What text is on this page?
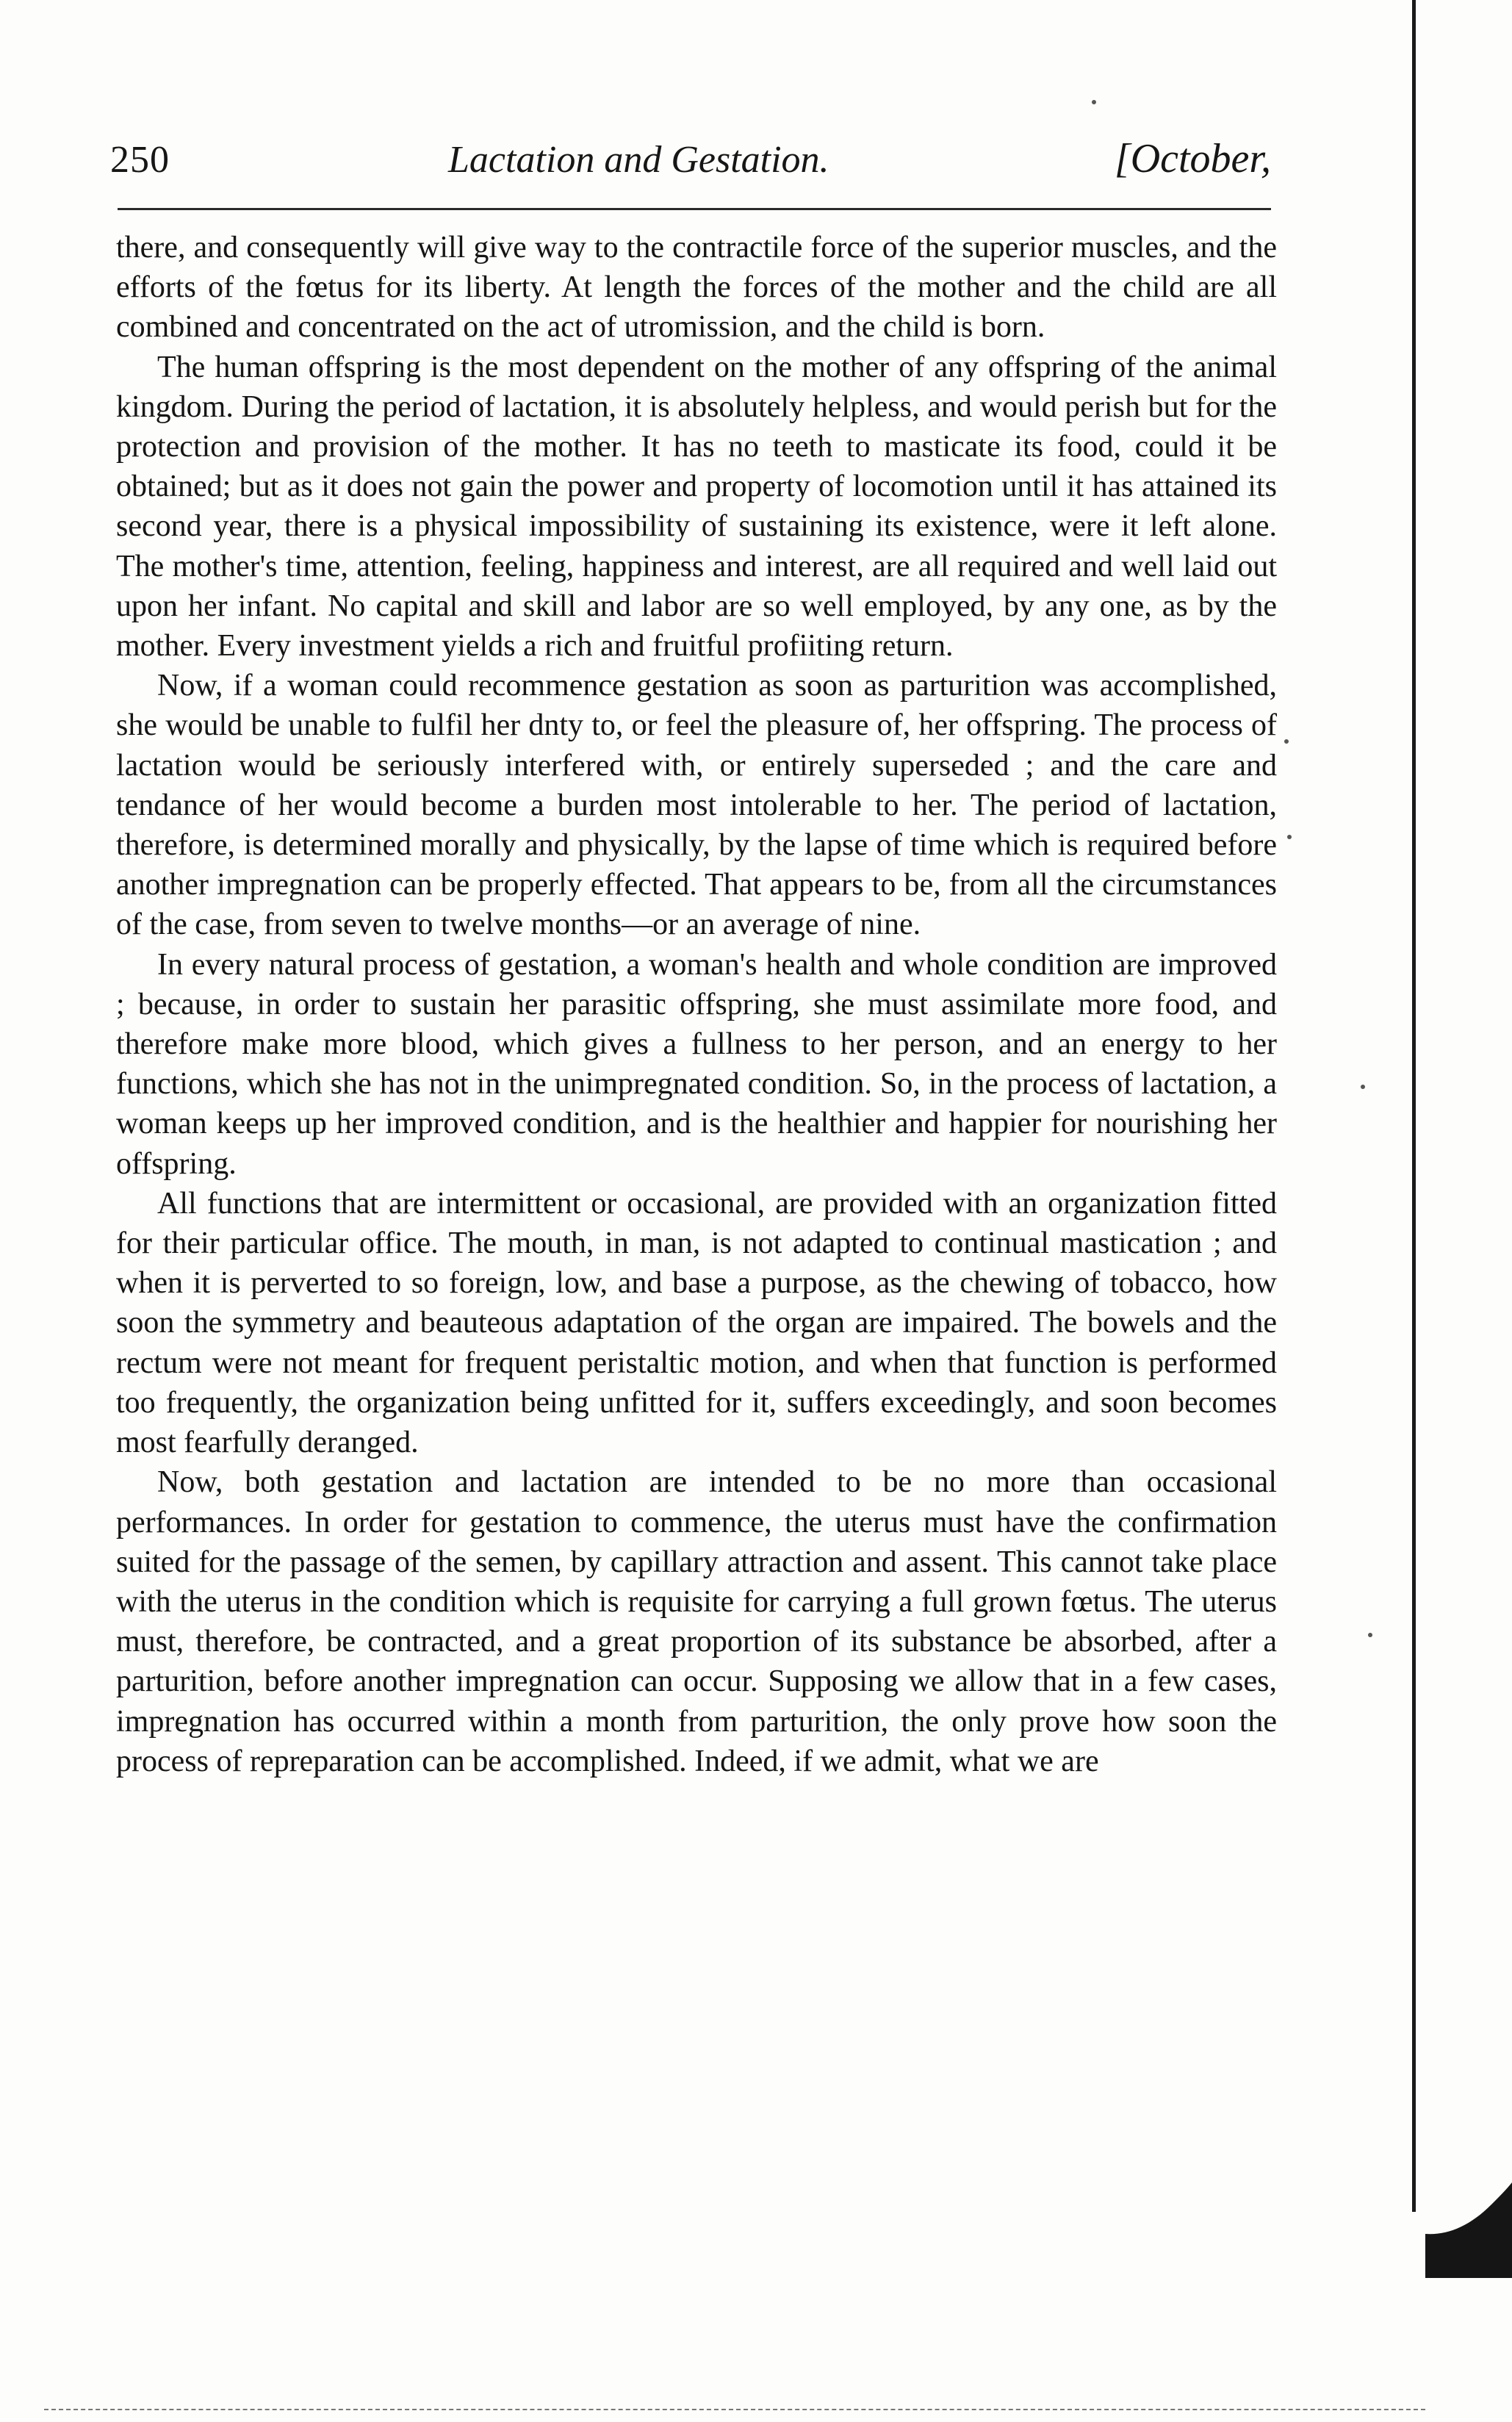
250	Lactation and Gestation.	[October,

there, and consequently will give way to the contractile force of the superior muscles, and the efforts of the fœtus for its liberty. At length the forces of the mother and the child are all combined and concentrated on the act of utromission, and the child is born.

The human offspring is the most dependent on the mother of any offspring of the animal kingdom. During the period of lactation, it is absolutely helpless, and would perish but for the protection and provision of the mother. It has no teeth to masticate its food, could it be obtained; but as it does not gain the power and property of locomotion until it has attained its second year, there is a physical impossibility of sustaining its existence, were it left alone. The mother's time, attention, feeling, happiness and interest, are all required and well laid out upon her infant. No capital and skill and labor are so well employed, by any one, as by the mother. Every investment yields a rich and fruitful profiiting return.

Now, if a woman could recommence gestation as soon as parturition was accomplished, she would be unable to fulfil her dnty to, or feel the pleasure of, her offspring. The process of lactation would be seriously interfered with, or entirely superseded ; and the care and tendance of her would become a burden most intolerable to her. The period of lactation, therefore, is determined morally and physically, by the lapse of time which is required before another impregnation can be properly effected. That appears to be, from all the circumstances of the case, from seven to twelve months—or an average of nine.

In every natural process of gestation, a woman's health and whole condition are improved ; because, in order to sustain her parasitic offspring, she must assimilate more food, and therefore make more blood, which gives a fullness to her person, and an energy to her functions, which she has not in the unimpregnated condition. So, in the process of lactation, a woman keeps up her improved condition, and is the healthier and happier for nourishing her offspring.

All functions that are intermittent or occasional, are provided with an organization fitted for their particular office. The mouth, in man, is not adapted to continual mastication ; and when it is perverted to so foreign, low, and base a purpose, as the chewing of tobacco, how soon the symmetry and beauteous adaptation of the organ are impaired. The bowels and the rectum were not meant for frequent peristaltic motion, and when that function is performed too frequently, the organization being unfitted for it, suffers exceedingly, and soon becomes most fearfully deranged.

Now, both gestation and lactation are intended to be no more than occasional performances. In order for gestation to commence, the uterus must have the confirmation suited for the passage of the semen, by capillary attraction and assent. This cannot take place with the uterus in the condition which is requisite for carrying a full grown fœtus. The uterus must, therefore, be contracted, and a great proportion of its substance be absorbed, after a parturition, before another impregnation can occur. Supposing we allow that in a few cases, impregnation has occurred within a month from parturition, the only prove how soon the process of repreparation can be accomplished. Indeed, if we admit, what we are
